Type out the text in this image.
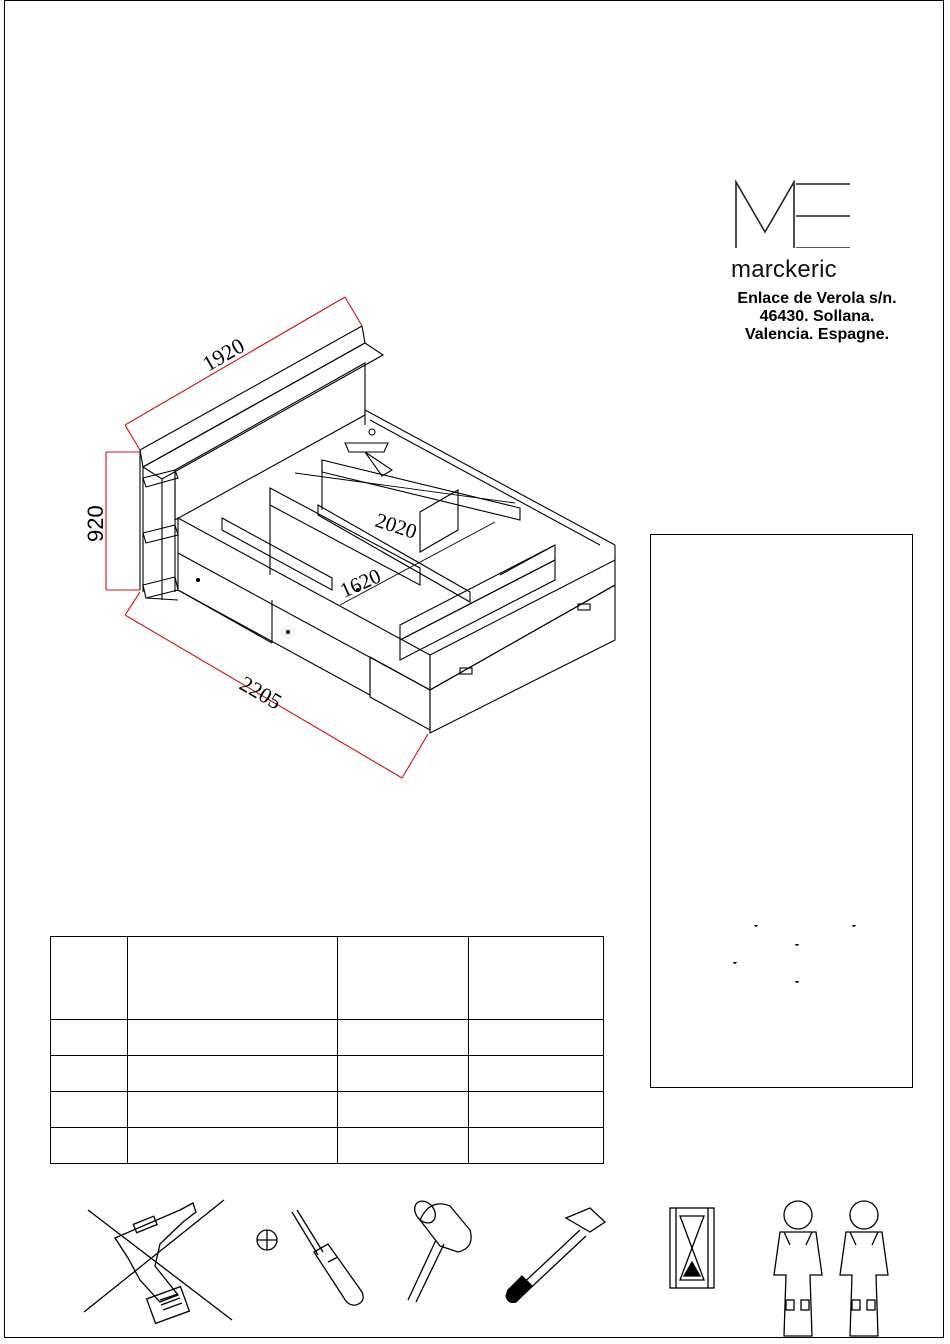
marckeric
Enlace de Verola s/n.
46430. Sollana.
Valencia. Espagne.
1920
920
2205
2020
1620
